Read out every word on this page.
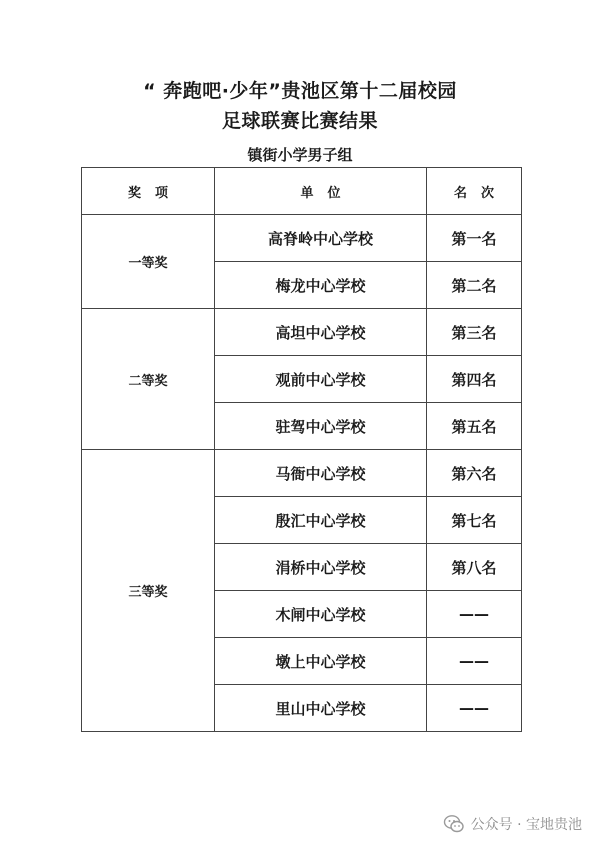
“ 奔跑吧·少年”贵池区第十二届校园
足球联赛比赛结果
镇街小学男子组
奖项	单位	名次
一等奖	高脊岭中心学校	第一名
	梅龙中心学校	第二名
二等奖	高坦中心学校	第三名
	观前中心学校	第四名
	驻驾中心学校	第五名
三等奖	马衙中心学校	第六名
	殷汇中心学校	第七名
	涓桥中心学校	第八名
	木闸中心学校	——
	墩上中心学校	——
	里山中心学校	——
公众号 · 宝地贵池
